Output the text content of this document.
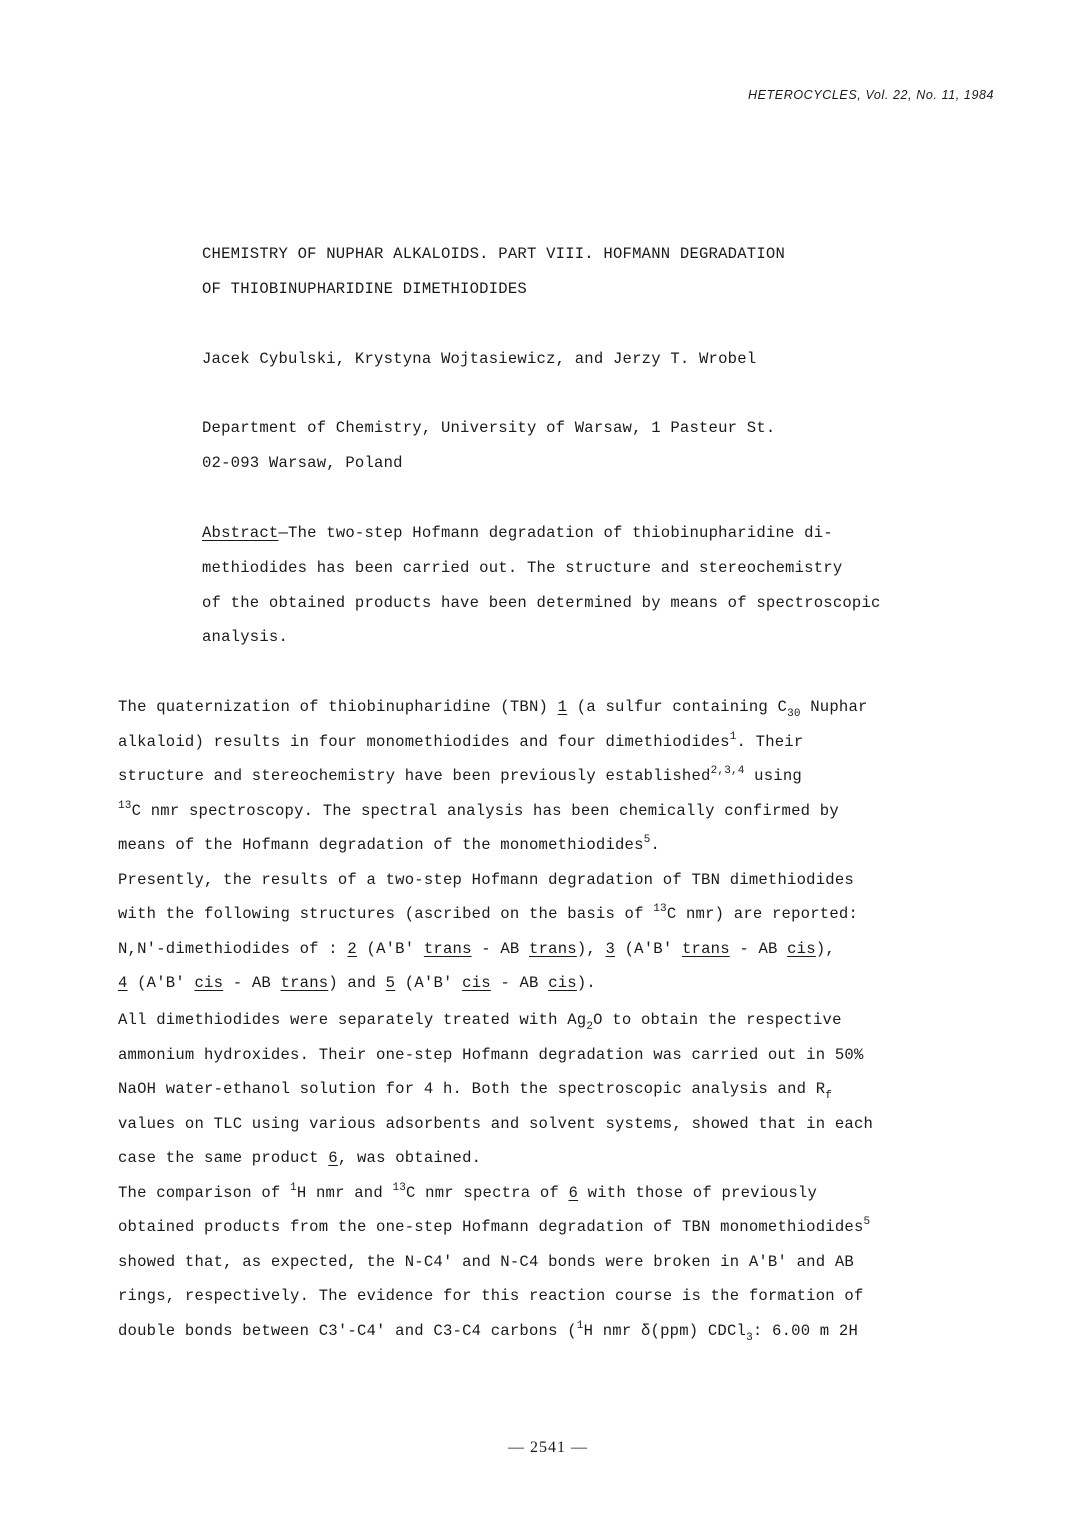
HETEROCYCLES, Vol. 22, No. 11, 1984
CHEMISTRY OF NUPHAR ALKALOIDS. PART VIII. HOFMANN DEGRADATION
OF THIOBINUPHARIDINE DIMETHIODIDES
Jacek Cybulski, Krystyna Wojtasiewicz, and Jerzy T. Wrobel
Department of Chemistry, University of Warsaw, 1 Pasteur St.
02-093 Warsaw, Poland
Abstract—The two-step Hofmann degradation of thiobinupharidine di-
methiodides has been carried out. The structure and stereochemistry
of the obtained products have been determined by means of spectroscopic
analysis.
The quaternization of thiobinupharidine (TBN) 1 (a sulfur containing $C_{30}$ Nuphar
alkaloid) results in four monomethiodides and four dimethiodides$^1$. Their
structure and stereochemistry have been previously established$^{2,3,4}$ using
$^{13}$C nmr spectroscopy. The spectral analysis has been chemically confirmed by
means of the Hofmann degradation of the monomethiodides$^5$.
Presently, the results of a two-step Hofmann degradation of TBN dimethiodides
with the following structures (ascribed on the basis of $^{13}$C nmr) are reported:
N,N'-dimethiodides of : 2 (A'B' trans - AB trans), 3 (A'B' trans - AB cis),
4 (A'B' cis - AB trans) and 5 (A'B' cis - AB cis).
All dimethiodides were separately treated with $Ag_2O$ to obtain the respective
ammonium hydroxides. Their one-step Hofmann degradation was carried out in 50%
NaOH water-ethanol solution for 4 h. Both the spectroscopic analysis and $R_f$
values on TLC using various adsorbents and solvent systems, showed that in each
case the same product 6, was obtained.
The comparison of $^1$H nmr and $^{13}$C nmr spectra of 6 with those of previously
obtained products from the one-step Hofmann degradation of TBN monomethiodides$^5$
showed that, as expected, the N-C4' and N-C4 bonds were broken in A'B' and AB
rings, respectively. The evidence for this reaction course is the formation of
double bonds between C3'-C4' and C3-C4 carbons ($^1$H nmr δ(ppm) CDCl$_3$: 6.00 m 2H
— 2541 —
